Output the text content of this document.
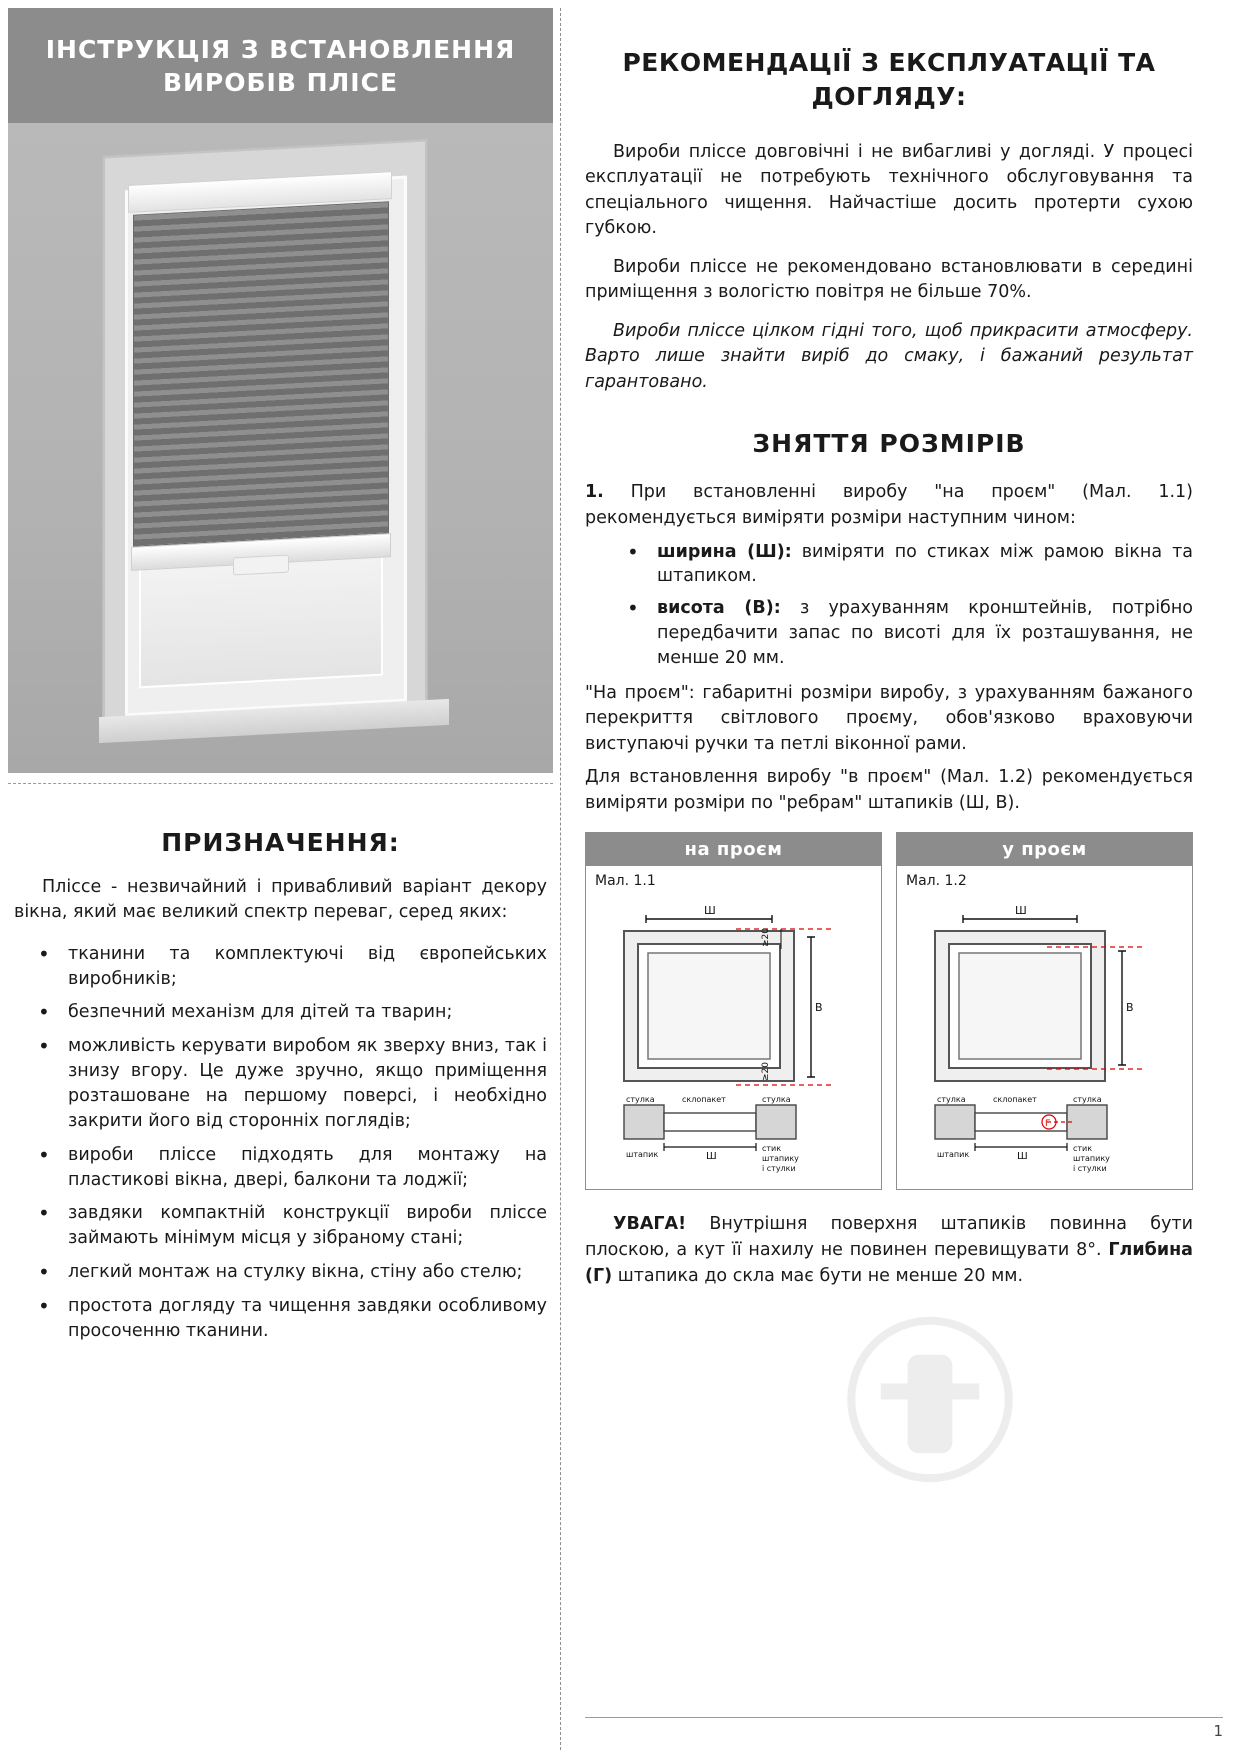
ІНСТРУКЦІЯ З ВСТАНОВЛЕННЯ ВИРОБІВ ПЛІСЕ
ПРИЗНАЧЕННЯ:

Пліссе - незвичайний і привабливий варіант декору вікна, який має великий спектр переваг, серед яких:

• тканини та комплектуючі від європейських виробників;
• безпечний механізм для дітей та тварин;
• можливість керувати виробом як зверху вниз, так і знизу вгору. Це дуже зручно, якщо приміщення розташоване на першому поверсі, і необхідно закрити його від сторонніх поглядів;
• вироби пліссе підходять для монтажу на пластикові вікна, двері, балкони та лоджії;
• завдяки компактній конструкції вироби пліссе займають мінімум місця у зібраному стані;
• легкий монтаж на стулку вікна, стіну або стелю;
• простота догляду та чищення завдяки особливому просоченню тканини.
РЕКОМЕНДАЦІЇ З ЕКСПЛУАТАЦІЇ ТА ДОГЛЯДУ:

Вироби пліссе довговічні і не вибагливі у догляді. У процесі експлуатації не потребують технічного обслуговування та спеціального чищення. Найчастіше досить протерти сухою губкою.

Вироби пліссе не рекомендовано встановлювати в середині приміщення з вологістю повітря не більше 70%.

Вироби пліссе цілком гідні того, щоб прикрасити атмосферу. Варто лише знайти виріб до смаку, і бажаний результат гарантовано.

ЗНЯТТЯ РОЗМІРІВ

1. При встановленні виробу "на проєм" (Мал. 1.1) рекомендується виміряти розміри наступним чином:

• ширина (Ш): виміряти по стиках між рамою вікна та штапиком.
• висота (В): з урахуванням кронштейнів, потрібно передбачити запас по висоті для їх розташування, не менше 20 мм.

"На проєм": габаритні розміри виробу, з урахуванням бажаного перекриття світлового проєму, обов'язково враховуючи виступаючі ручки та петлі віконної рами.

Для встановлення виробу "в проєм" (Мал. 1.2) рекомендується виміряти розміри по "ребрам" штапиків (Ш, В).

на проєм
Мал. 1.1
Ш
В
≥20
≥20
стулка	склопакет	стулка
штапик
стик
штапику
і стулки
Ш
у проєм
Мал. 1.2
Ш
В
стулка	склопакет	стулка
штапик
стик
штапику
і стулки
Ш
Г

УВАГА! Внутрішня поверхня штапиків повинна бути плоскою, а кут її нахилу не повинен перевищувати 8°. Глибина (Г) штапика до скла має бути не менше 20 мм.

1
